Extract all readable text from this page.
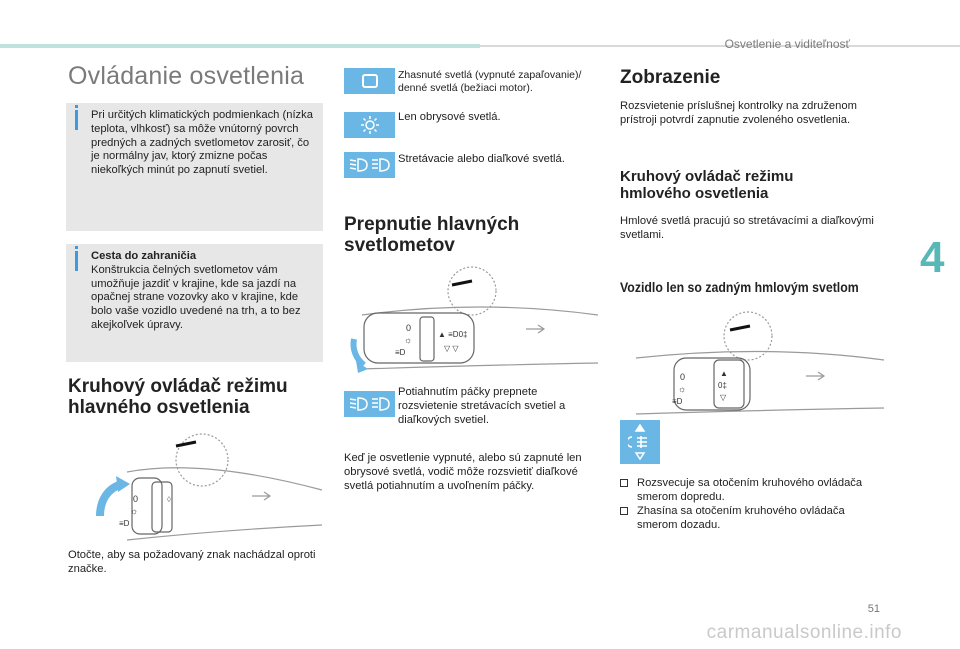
Osvetlenie a viditeľnosť
Ovládanie osvetlenia
Pri určitých klimatických podmienkach (nízka teplota, vlhkosť) sa môže vnútorný povrch predných a zadných svetlometov zarosiť, čo je normálny jav, ktorý zmizne počas niekoľkých minút po zapnutí svetiel.
Cesta do zahraničia
Konštrukcia čelných svetlometov vám umožňuje jazdiť v krajine, kde sa jazdí na opačnej strane vozovky ako v krajine, kde bolo vaše vozidlo uvedené na trh, a to bez akejkoľvek úpravy.
Kruhový ovládač režimu hlavného osvetlenia
0
☼
≡D
◊
Otočte, aby sa požadovaný znak nachádzal oproti značke.
Zhasnuté svetlá (vypnuté zapaľovanie)/ denné svetlá (bežiaci motor).
Len obrysové svetlá.
Stretávacie alebo diaľkové svetlá.
Prepnutie hlavných svetlometov
0
☼
≡D
▲ ≡D0‡
▽ ▽
Potiahnutím páčky prepnete rozsvietenie stretávacích svetiel a diaľkových svetiel.
Keď je osvetlenie vypnuté, alebo sú zapnuté len obrysové svetlá, vodič môže rozsvietiť diaľkové svetlá potiahnutím a uvoľnením páčky.
Zobrazenie
Rozsvietenie príslušnej kontrolky na združenom prístroji potvrdí zapnutie zvoleného osvetlenia.
Kruhový ovládač režimu hmlového osvetlenia
Hmlové svetlá pracujú so stretávacími a diaľkovými svetlami.
Vozidlo len so zadným hmlovým svetlom
0
☼
≡D
▲
0‡
▽
Rozsvecuje sa otočením kruhového ovládača smerom dopredu.
Zhasína sa otočením kruhového ovládača smerom dozadu.
4
51
carmanualsonline.info
